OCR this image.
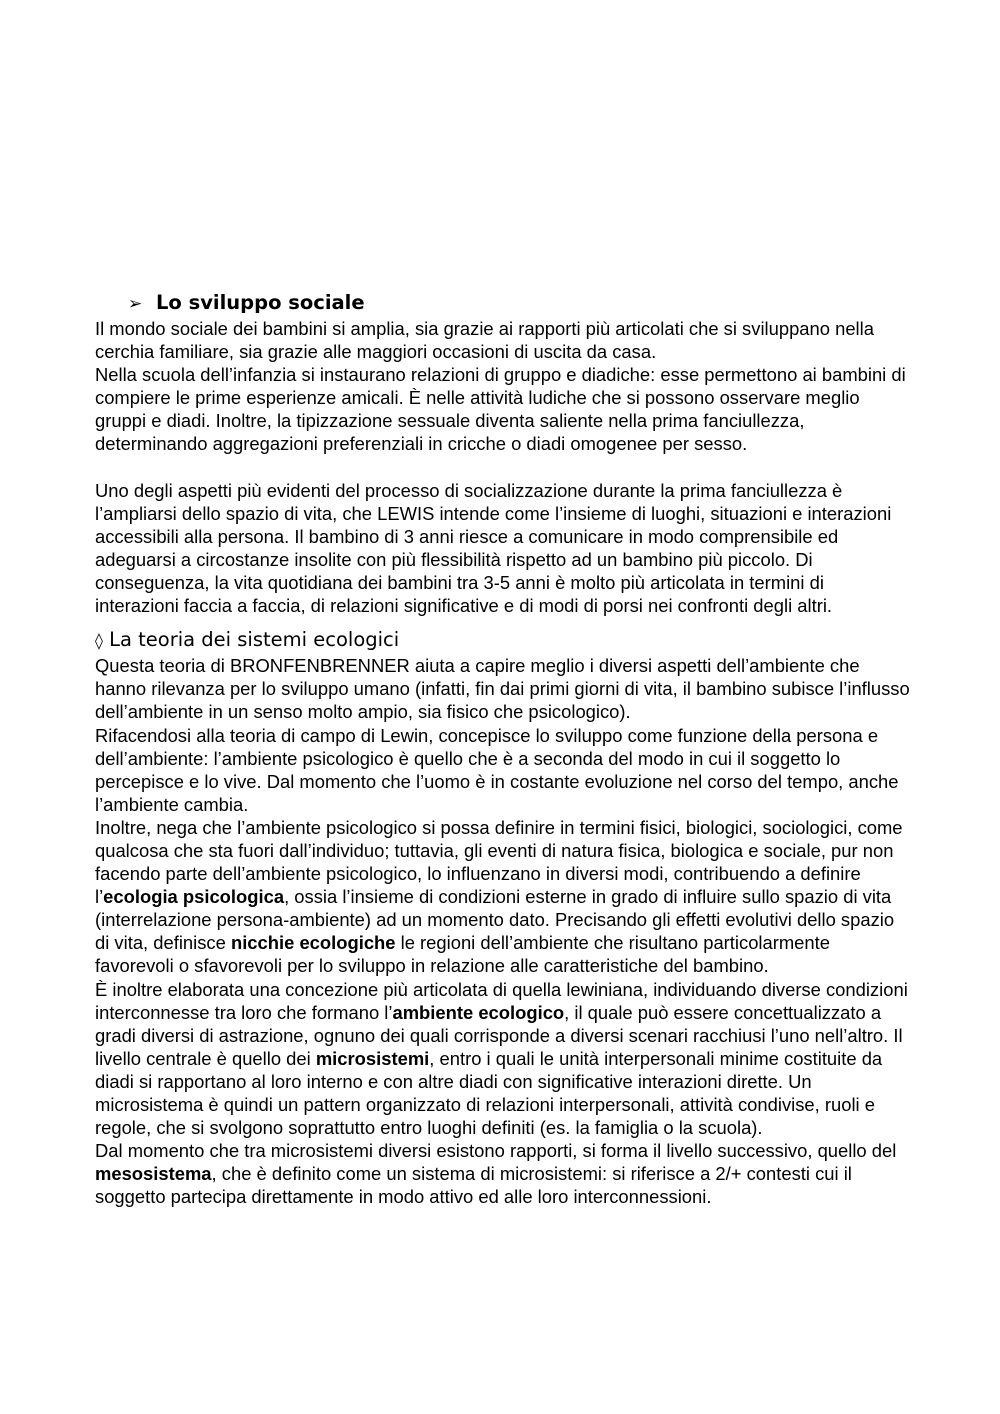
➢ Lo sviluppo sociale

Il mondo sociale dei bambini si amplia, sia grazie ai rapporti più articolati che si sviluppano nella cerchia familiare, sia grazie alle maggiori occasioni di uscita da casa.

Nella scuola dell’infanzia si instaurano relazioni di gruppo e diadiche: esse permettono ai bambini di compiere le prime esperienze amicali. È nelle attività ludiche che si possono osservare meglio gruppi e diadi. Inoltre, la tipizzazione sessuale diventa saliente nella prima fanciullezza, determinando aggregazioni preferenziali in cricche o diadi omogenee per sesso.

Uno degli aspetti più evidenti del processo di socializzazione durante la prima fanciullezza è l’ampliarsi dello spazio di vita, che LEWIS intende come l’insieme di luoghi, situazioni e interazioni accessibili alla persona. Il bambino di 3 anni riesce a comunicare in modo comprensibile ed adeguarsi a circostanze insolite con più flessibilità rispetto ad un bambino più piccolo. Di conseguenza, la vita quotidiana dei bambini tra 3-5 anni è molto più articolata in termini di interazioni faccia a faccia, di relazioni significative e di modi di porsi nei confronti degli altri.

◊ La teoria dei sistemi ecologici

Questa teoria di BRONFENBRENNER aiuta a capire meglio i diversi aspetti dell’ambiente che hanno rilevanza per lo sviluppo umano (infatti, fin dai primi giorni di vita, il bambino subisce l’influsso dell’ambiente in un senso molto ampio, sia fisico che psicologico).

Rifacendosi alla teoria di campo di Lewin, concepisce lo sviluppo come funzione della persona e dell’ambiente: l’ambiente psicologico è quello che è a seconda del modo in cui il soggetto lo percepisce e lo vive. Dal momento che l’uomo è in costante evoluzione nel corso del tempo, anche l’ambiente cambia.

Inoltre, nega che l’ambiente psicologico si possa definire in termini fisici, biologici, sociologici, come qualcosa che sta fuori dall’individuo; tuttavia, gli eventi di natura fisica, biologica e sociale, pur non facendo parte dell’ambiente psicologico, lo influenzano in diversi modi, contribuendo a definire l’ecologia psicologica, ossia l’insieme di condizioni esterne in grado di influire sullo spazio di vita (interrelazione persona-ambiente) ad un momento dato. Precisando gli effetti evolutivi dello spazio di vita, definisce nicchie ecologiche le regioni dell’ambiente che risultano particolarmente favorevoli o sfavorevoli per lo sviluppo in relazione alle caratteristiche del bambino.

È inoltre elaborata una concezione più articolata di quella lewiniana, individuando diverse condizioni interconnesse tra loro che formano l’ambiente ecologico, il quale può essere concettualizzato a gradi diversi di astrazione, ognuno dei quali corrisponde a diversi scenari racchiusi l’uno nell’altro. Il livello centrale è quello dei microsistemi, entro i quali le unità interpersonali minime costituite da diadi si rapportano al loro interno e con altre diadi con significative interazioni dirette. Un microsistema è quindi un pattern organizzato di relazioni interpersonali, attività condivise, ruoli e regole, che si svolgono soprattutto entro luoghi definiti (es. la famiglia o la scuola).

Dal momento che tra microsistemi diversi esistono rapporti, si forma il livello successivo, quello del mesosistema, che è definito come un sistema di microsistemi: si riferisce a 2/+ contesti cui il soggetto partecipa direttamente in modo attivo ed alle loro interconnessioni.
